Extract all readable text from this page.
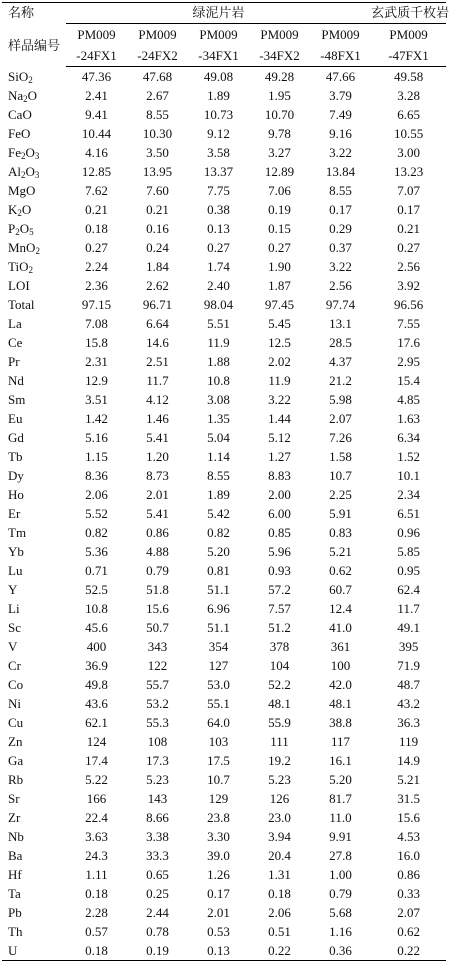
名称	绿泥片岩					玄武质千枚岩
样品编号	PM009	PM009	PM009	PM009	PM009	PM009
	-24FX1	-24FX2	-34FX1	-34FX2	-48FX1	-47FX1
SiO$_2$	47.36	47.68	49.08	49.28	47.66	49.58
$Na_2O$	2.41	2.67	1.89	1.95	3.79	3.28
CaO	9.41	8.55	10.73	10.70	7.49	6.65
FeO	10.44	10.30	9.12	9.78	9.16	10.55
$Fe_2O_3$	4.16	3.50	3.58	3.27	3.22	3.00
$Al_2O_3$	12.85	13.95	13.37	12.89	13.84	13.23
MgO	7.62	7.60	7.75	7.06	8.55	7.07
$K_2O$	0.21	0.21	0.38	0.19	0.17	0.17
$P_2O_5$	0.18	0.16	0.13	0.15	0.29	0.21
MnO$_2$	0.27	0.24	0.27	0.27	0.37	0.27
TiO$_2$	2.24	1.84	1.74	1.90	3.22	2.56
LOI	2.36	2.62	2.40	1.87	2.56	3.92
Total	97.15	96.71	98.04	97.45	97.74	96.56
La	7.08	6.64	5.51	5.45	13.1	7.55
Ce	15.8	14.6	11.9	12.5	28.5	17.6
Pr	2.31	2.51	1.88	2.02	4.37	2.95
Nd	12.9	11.7	10.8	11.9	21.2	15.4
Sm	3.51	4.12	3.08	3.22	5.98	4.85
Eu	1.42	1.46	1.35	1.44	2.07	1.63
Gd	5.16	5.41	5.04	5.12	7.26	6.34
Tb	1.15	1.20	1.14	1.27	1.58	1.52
Dy	8.36	8.73	8.55	8.83	10.7	10.1
Ho	2.06	2.01	1.89	2.00	2.25	2.34
Er	5.52	5.41	5.42	6.00	5.91	6.51
Tm	0.82	0.86	0.82	0.85	0.83	0.96
Yb	5.36	4.88	5.20	5.96	5.21	5.85
Lu	0.71	0.79	0.81	0.93	0.62	0.95
Y	52.5	51.8	51.1	57.2	60.7	62.4
Li	10.8	15.6	6.96	7.57	12.4	11.7
Sc	45.6	50.7	51.1	51.2	41.0	49.1
V	400	343	354	378	361	395
Cr	36.9	122	127	104	100	71.9
Co	49.8	55.7	53.0	52.2	42.0	48.7
Ni	43.6	53.2	55.1	48.1	48.1	43.2
Cu	62.1	55.3	64.0	55.9	38.8	36.3
Zn	124	108	103	111	117	119
Ga	17.4	17.3	17.5	19.2	16.1	14.9
Rb	5.22	5.23	10.7	5.23	5.20	5.21
Sr	166	143	129	126	81.7	31.5
Zr	22.4	8.66	23.8	23.0	11.0	15.6
Nb	3.63	3.38	3.30	3.94	9.91	4.53
Ba	24.3	33.3	39.0	20.4	27.8	16.0
Hf	1.11	0.65	1.26	1.31	1.00	0.86
Ta	0.18	0.25	0.17	0.18	0.79	0.33
Pb	2.28	2.44	2.01	2.06	5.68	2.07
Th	0.57	0.78	0.53	0.51	1.16	0.62
U	0.18	0.19	0.13	0.22	0.36	0.22
